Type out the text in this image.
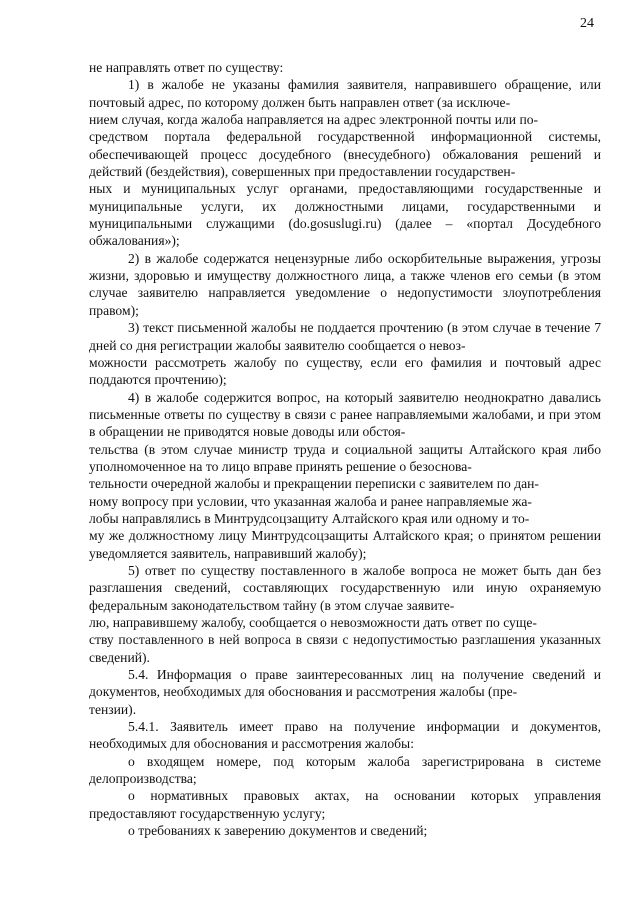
24

не направлять ответ по существу:

1) в жалобе не указаны фамилия заявителя, направившего обращение, или почтовый адрес, по которому должен быть направлен ответ (за исключе-
нием случая, когда жалоба направляется на адрес электронной почты или по-
средством портала федеральной государственной информационной системы, обеспечивающей процесс досудебного (внесудебного) обжалования решений и действий (бездействия), совершенных при предоставлении государствен-
ных и муниципальных услуг органами, предоставляющими государственные и муниципальные услуги, их должностными лицами, государственными и муниципальными служащими (do.gosuslugi.ru) (далее – «портал Досудебного обжалования»);

2) в жалобе содержатся нецензурные либо оскорбительные выражения, угрозы жизни, здоровью и имуществу должностного лица, а также членов его семьи (в этом случае заявителю направляется уведомление о недопустимости злоупотребления правом);

3) текст письменной жалобы не поддается прочтению (в этом случае в течение 7 дней со дня регистрации жалобы заявителю сообщается о невоз-
можности рассмотреть жалобу по существу, если его фамилия и почтовый адрес поддаются прочтению);

4) в жалобе содержится вопрос, на который заявителю неоднократно давались письменные ответы по существу в связи с ранее направляемыми жалобами, и при этом в обращении не приводятся новые доводы или обстоя-
тельства (в этом случае министр труда и социальной защиты Алтайского края либо уполномоченное на то лицо вправе принять решение о безоснова-
тельности очередной жалобы и прекращении переписки с заявителем по дан-
ному вопросу при условии, что указанная жалоба и ранее направляемые жа-
лобы направлялись в Минтрудсоцзащиту Алтайского края или одному и то-
му же должностному лицу Минтрудсоцзащиты Алтайского края; о принятом решении уведомляется заявитель, направивший жалобу);

5) ответ по существу поставленного в жалобе вопроса не может быть дан без разглашения сведений, составляющих государственную или иную охраняемую федеральным законодательством тайну (в этом случае заявите-
лю, направившему жалобу, сообщается о невозможности дать ответ по суще-
ству поставленного в ней вопроса в связи с недопустимостью разглашения указанных сведений).

5.4. Информация о праве заинтересованных лиц на получение сведений и документов, необходимых для обоснования и рассмотрения жалобы (пре-
тензии).

5.4.1. Заявитель имеет право на получение информации и документов, необходимых для обоснования и рассмотрения жалобы:

о входящем номере, под которым жалоба зарегистрирована в системе делопроизводства;

о нормативных правовых актах, на основании которых управления предоставляют государственную услугу;

о требованиях к заверению документов и сведений;
